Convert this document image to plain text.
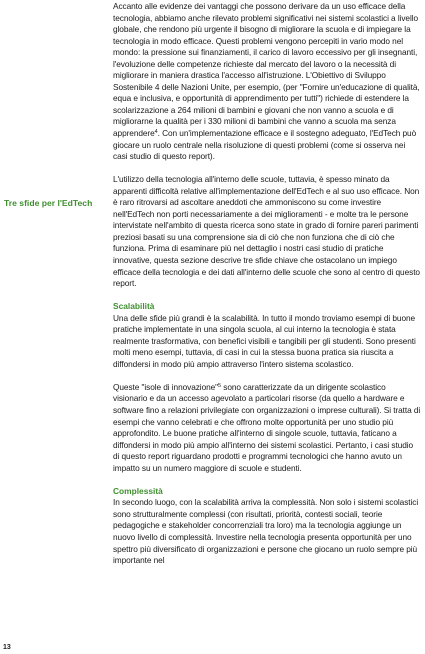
Tre sfide per l'EdTech

Accanto alle evidenze dei vantaggi che possono derivare da un uso efficace della tecnologia, abbiamo anche rilevato problemi significativi nei sistemi scolastici a livello globale, che rendono più urgente il bisogno di migliorare la scuola e di impiegare la tecnologia in modo efficace. Questi problemi vengono percepiti in vario modo nel mondo: la pressione sui finanziamenti, il carico di lavoro eccessivo per gli insegnanti, l'evoluzione delle competenze richieste dal mercato del lavoro o la necessità di migliorare in maniera drastica l'accesso all'istruzione. L'Obiettivo di Sviluppo Sostenibile 4 delle Nazioni Unite, per esempio, (per "Fornire un'educazione di qualità, equa e inclusiva, e opportunità di apprendimento per tutti") richiede di estendere la scolarizzazione a 264 milioni di bambini e giovani che non vanno a scuola e di migliorarne la qualità per i 330 milioni di bambini che vanno a scuola ma senza apprendere$^4$. Con un'implementazione efficace e il sostegno adeguato, l'EdTech può giocare un ruolo centrale nella risoluzione di questi problemi (come si osserva nei casi studio di questo report).

L'utilizzo della tecnologia all'interno delle scuole, tuttavia, è spesso minato da apparenti difficoltà relative all'implementazione dell'EdTech e al suo uso efficace. Non è raro ritrovarsi ad ascoltare aneddoti che ammoniscono su come investire nell'EdTech non porti necessariamente a dei miglioramenti - e molte tra le persone intervistate nell'ambito di questa ricerca sono state in grado di fornire pareri parimenti preziosi basati su una comprensione sia di ciò che non funziona che di ciò che funziona. Prima di esaminare più nel dettaglio i nostri casi studio di pratiche innovative, questa sezione descrive tre sfide chiave che ostacolano un impiego efficace della tecnologia e dei dati all'interno delle scuole che sono al centro di questo report.

Scalabilità

Una delle sfide più grandi è la scalabilità. In tutto il mondo troviamo esempi di buone pratiche implementate in una singola scuola, al cui interno la tecnologia è stata realmente trasformativa, con benefici visibili e tangibili per gli studenti. Sono presenti molti meno esempi, tuttavia, di casi in cui la stessa buona pratica sia riuscita a diffondersi in modo più ampio attraverso l'intero sistema scolastico.

Queste "isole di innovazione"$^5$ sono caratterizzate da un dirigente scolastico visionario e da un accesso agevolato a particolari risorse (da quello a hardware e software fino a relazioni privilegiate con organizzazioni o imprese culturali). Si tratta di esempi che vanno celebrati e che offrono molte opportunità per uno studio più approfondito. Le buone pratiche all'interno di singole scuole, tuttavia, faticano a diffondersi in modo più ampio all'interno dei sistemi scolastici. Pertanto, i casi studio di questo report riguardano prodotti e programmi tecnologici che hanno avuto un impatto su un numero maggiore di scuole e studenti.

Complessità

In secondo luogo, con la scalabilità arriva la complessità. Non solo i sistemi scolastici sono strutturalmente complessi (con risultati, priorità, contesti sociali, teorie pedagogiche e stakeholder concorrenziali tra loro) ma la tecnologia aggiunge un nuovo livello di complessità. Investire nella tecnologia presenta opportunità per uno spettro più diversificato di organizzazioni e persone che giocano un ruolo sempre più importante nel

13
